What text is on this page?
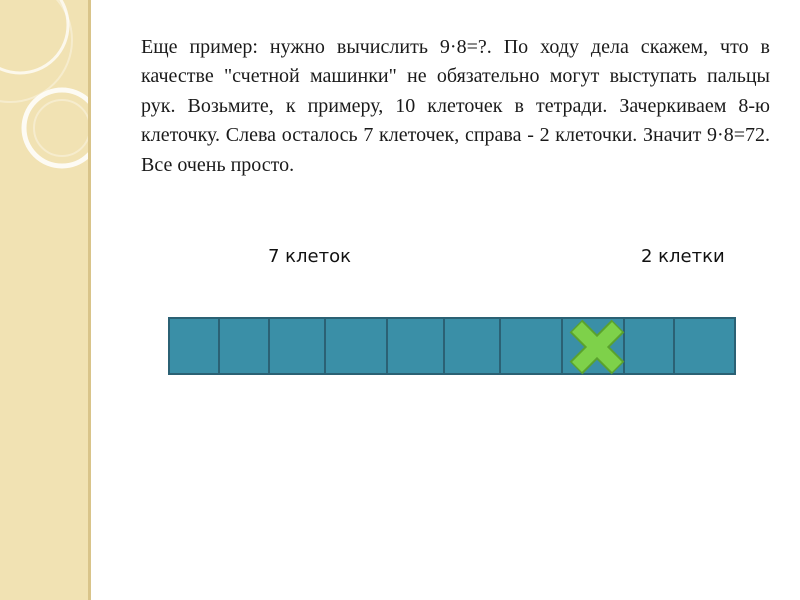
Еще пример: нужно вычислить 9·8=?. По ходу дела скажем, что в качестве "счетной машинки" не обязательно могут выступать пальцы рук. Возьмите, к примеру, 10 клеточек в тетради. Зачеркиваем 8-ю клеточку. Слева осталось 7 клеточек, справа - 2 клеточки. Значит 9·8=72. Все очень просто.

7 клеток	2 клетки
